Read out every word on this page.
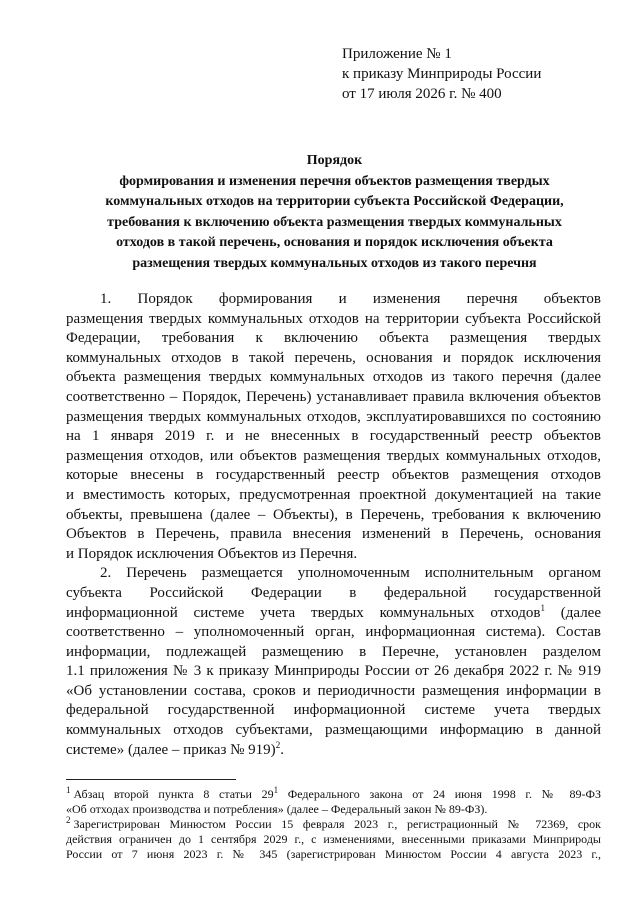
Приложение № 1
к приказу Минприроды России
от 17 июля 2026 г. № 400
Порядок
формирования и изменения перечня объектов размещения твердых
коммунальных отходов на территории субъекта Российской Федерации,
требования к включению объекта размещения твердых коммунальных
отходов в такой перечень, основания и порядок исключения объекта
размещения твердых коммунальных отходов из такого перечня
1. Порядок формирования и изменения перечня объектов
размещения твердых коммунальных отходов на территории субъекта Российской
Федерации, требования к включению объекта размещения твердых
коммунальных отходов в такой перечень, основания и порядок исключения
объекта размещения твердых коммунальных отходов из такого перечня (далее
соответственно – Порядок, Перечень) устанавливает правила включения объектов
размещения твердых коммунальных отходов, эксплуатировавшихся по состоянию
на 1 января 2019 г. и не внесенных в государственный реестр объектов
размещения отходов, или объектов размещения твердых коммунальных отходов,
которые внесены в государственный реестр объектов размещения отходов
и вместимость которых, предусмотренная проектной документацией на такие
объекты, превышена (далее – Объекты), в Перечень, требования к включению
Объектов в Перечень, правила внесения изменений в Перечень, основания
и Порядок исключения Объектов из Перечня.
2. Перечень размещается уполномоченным исполнительным органом
субъекта Российской Федерации в федеральной государственной
информационной системе учета твердых коммунальных отходов$^1$ (далее
соответственно – уполномоченный орган, информационная система). Состав
информации, подлежащей размещению в Перечне, установлен разделом
1.1 приложения № 3 к приказу Минприроды России от 26 декабря 2022 г. № 919
«Об установлении состава, сроков и периодичности размещения информации в
федеральной государственной информационной системе учета твердых
коммунальных отходов субъектами, размещающими информацию в данной
системе» (далее – приказ № 919)$^2$.
$^1$ Абзац второй пункта 8 статьи $29^1$ Федерального закона от 24 июня 1998 г. № 89-ФЗ
«Об отходах производства и потребления» (далее – Федеральный закон № 89-ФЗ).
$^2$ Зарегистрирован Минюстом России 15 февраля 2023 г., регистрационный № 72369, срок
действия ограничен до 1 сентября 2029 г., с изменениями, внесенными приказами Минприроды
России от 7 июня 2023 г. № 345 (зарегистрирован Минюстом России 4 августа 2023 г.,
